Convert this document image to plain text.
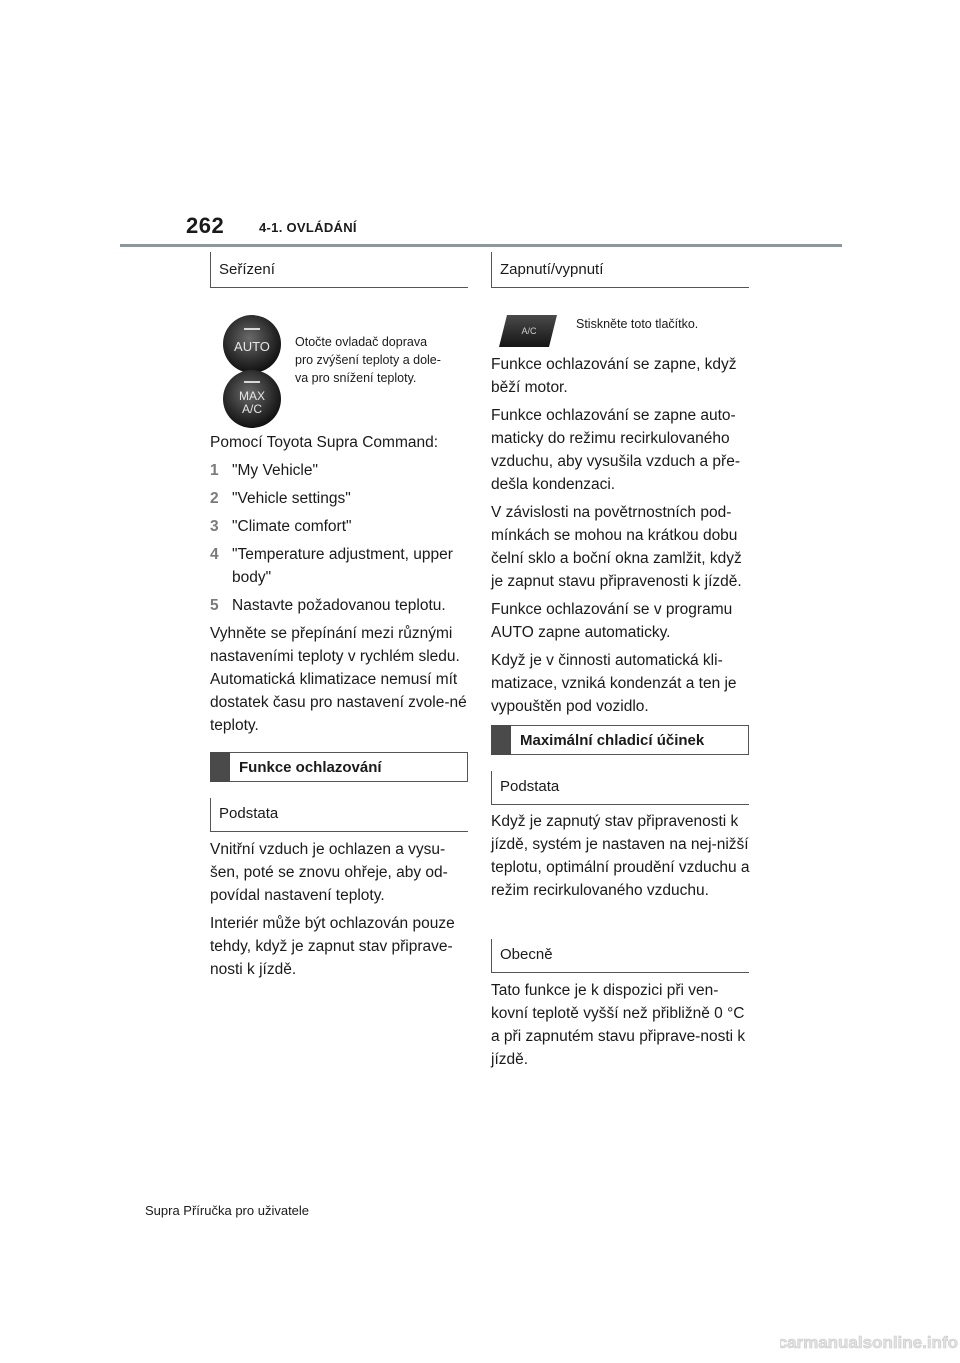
262	4-1. OVLÁDÁNÍ
Seřízení
AUTO
MAX
A/C
Otočte ovladač doprava
pro zvýšení teploty a dole-
va pro snížení teploty.

Pomocí Toyota Supra Command:

1 "My Vehicle"
2 "Vehicle settings"
3 "Climate comfort"
4 "Temperature adjustment, upper body"
5 Nastavte požadovanou teplotu.

Vyhněte se přepínání mezi různými nastaveními teploty v rychlém sledu. Automatická klimatizace nemusí mít dostatek času pro nastavení zvole-né teploty.

Funkce ochlazování
Podstata

Vnitřní vzduch je ochlazen a vysu-šen, poté se znovu ohřeje, aby od-povídal nastavení teploty.

Interiér může být ochlazován pouze tehdy, když je zapnut stav připrave-nosti k jízdě.

Zapnutí/vypnutí
A/C	Stiskněte toto tlačítko.

Funkce ochlazování se zapne, když běží motor.

Funkce ochlazování se zapne auto-maticky do režimu recirkulovaného vzduchu, aby vysušila vzduch a pře-dešla kondenzaci.

V závislosti na povětrnostních pod-mínkách se mohou na krátkou dobu čelní sklo a boční okna zamlžit, když je zapnut stavu připravenosti k jízdě.

Funkce ochlazování se v programu AUTO zapne automaticky.

Když je v činnosti automatická kli-matizace, vzniká kondenzát a ten je vypouštěn pod vozidlo.

Maximální chladicí účinek
Podstata

Když je zapnutý stav připravenosti k jízdě, systém je nastaven na nej-nižší teplotu, optimální proudění vzduchu a režim recirkulovaného vzduchu.

Obecně

Tato funkce je k dispozici při ven-kovní teplotě vyšší než přibližně 0 °C a při zapnutém stavu připrave-nosti k jízdě.

Supra Příručka pro uživatele
carmanualsonline.info
